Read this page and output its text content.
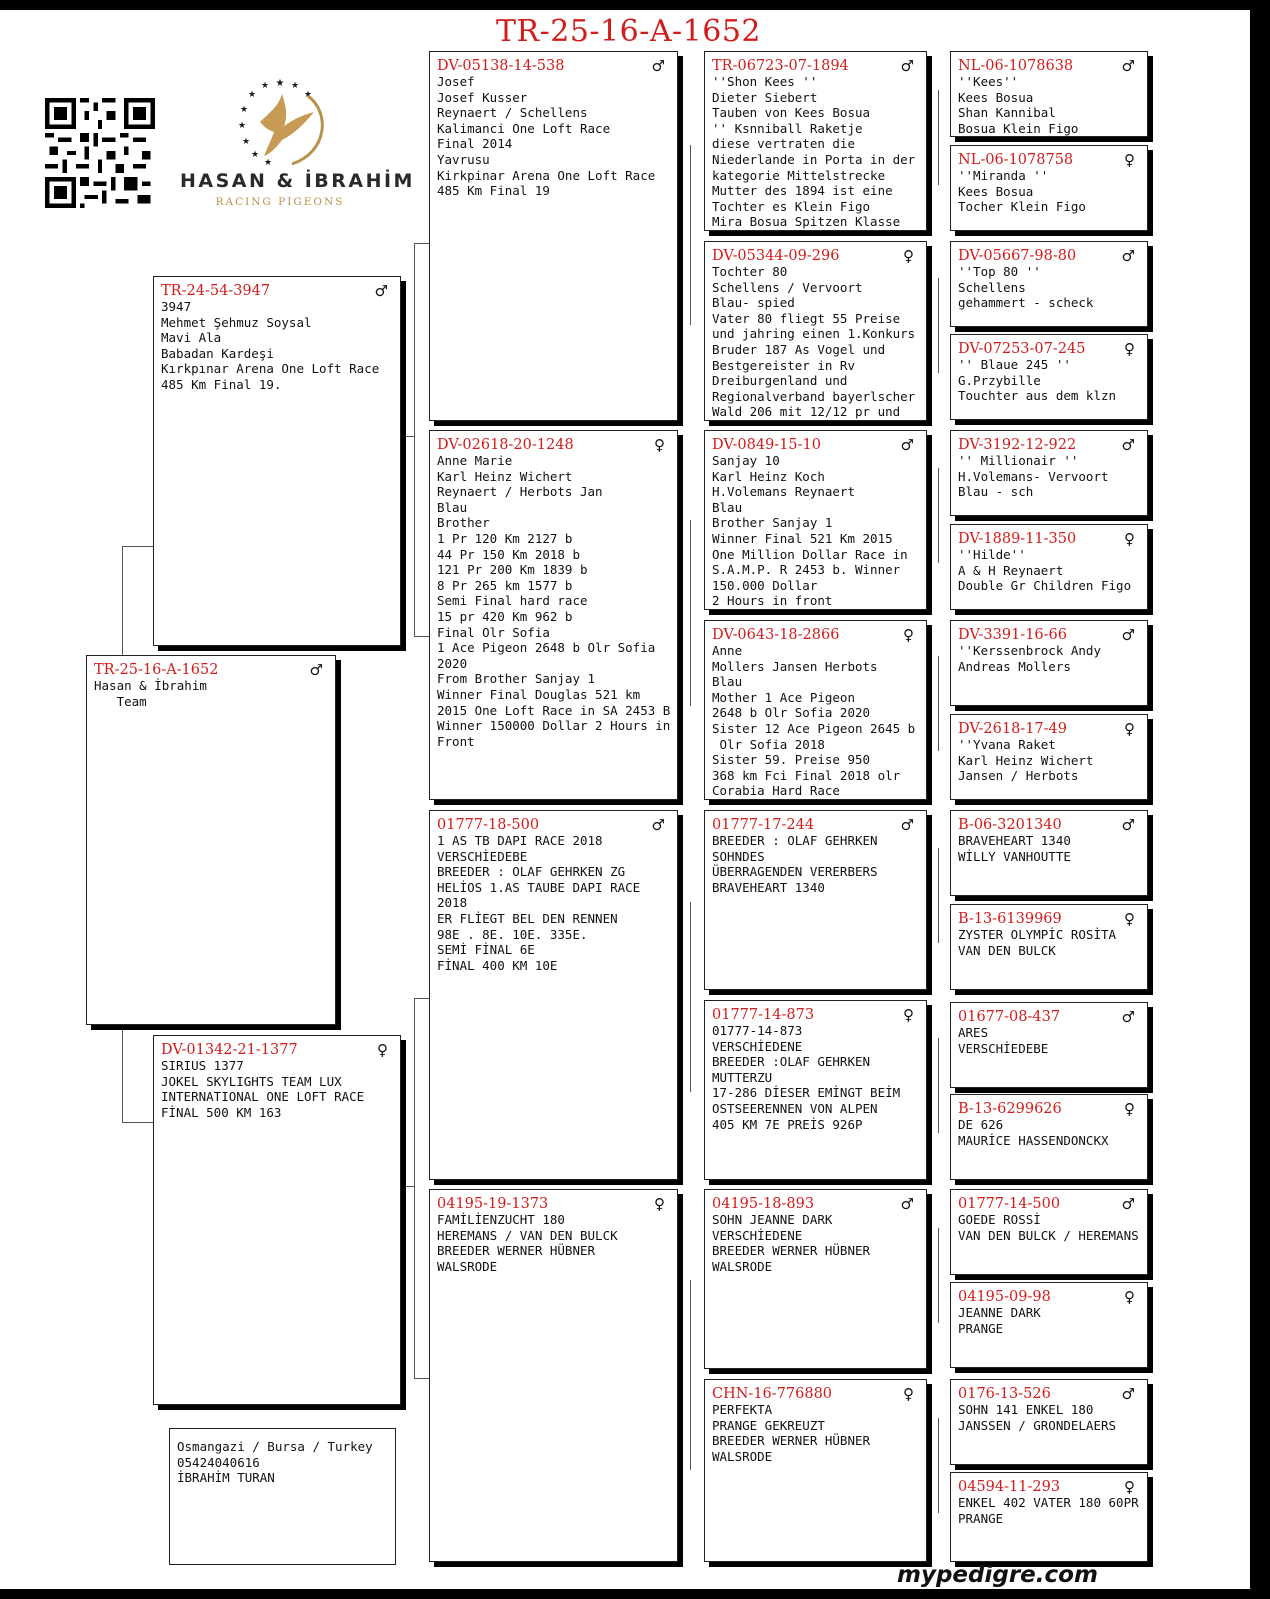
TR-25-16-A-1652
★
★ ★
★	★
★
★
★
★
★
HASAN & İBRAHİM
RACING PIGEONS
TR-25-16-A-1652	♂
Hasan & İbrahim
Team
TR-24-54-3947	♂
3947
Mehmet Şehmuz Soysal
Mavi Ala
Babadan Kardeşi
Kırkpınar Arena One Loft Race
485 Km Final 19.
DV-01342-21-1377	♀
SIRIUS 1377
JOKEL SKYLIGHTS TEAM LUX
INTERNATIONAL ONE LOFT RACE
FİNAL 500 KM 163
DV-05138-14-538	♂
Josef
Josef Kusser
Reynaert / Schellens
Kalimanci One Loft Race
Final 2014
Yavrusu
Kirkpinar Arena One Loft Race
485 Km Final 19
DV-02618-20-1248	♀
Anne Marie
Karl Heinz Wichert
Reynaert / Herbots Jan
Blau
Brother
1 Pr 120 Km 2127 b
44 Pr 150 Km 2018 b
121 Pr 200 Km 1839 b
8 Pr 265 km 1577 b
Semi Final hard race
15 pr 420 Km 962 b
Final Olr Sofia
1 Ace Pigeon 2648 b Olr Sofia
2020
From Brother Sanjay 1
Winner Final Douglas 521 km
2015 One Loft Race in SA 2453 B
Winner 150000 Dollar 2 Hours in
Front
01777-18-500	♂
1 AS TB DAPI RACE 2018
VERSCHİEDEBE
BREEDER : OLAF GEHRKEN ZG
HELİOS 1.AS TAUBE DAPI RACE
2018
ER FLİEGT BEL DEN RENNEN
98E . 8E. 10E. 335E.
SEMİ FİNAL 6E
FİNAL 400 KM 10E
04195-19-1373	♀
FAMİLİENZUCHT 180
HEREMANS / VAN DEN BULCK
BREEDER WERNER HÜBNER
WALSRODE
TR-06723-07-1894	♂
''Shon Kees ''
Dieter Siebert
Tauben von Kees Bosua
'' Ksnniball Raketje
diese vertraten die
Niederlande in Porta in der
kategorie Mittelstrecke
Mutter des 1894 ist eine
Tochter es Klein Figo
Mira Bosua Spitzen Klasse
DV-05344-09-296	♀
Tochter 80
Schellens / Vervoort
Blau- spied
Vater 80 fliegt 55 Preise
und jahring einen 1.Konkurs
Bruder 187 As Vogel und
Bestgereister in Rv
Dreiburgenland und
Regionalverband bayerlscher
Wald 206 mit 12/12 pr und
DV-0849-15-10	♂
Sanjay 10
Karl Heinz Koch
H.Volemans Reynaert
Blau
Brother Sanjay 1
Winner Final 521 Km 2015
One Million Dollar Race in
S.A.M.P. R 2453 b. Winner
150.000 Dollar
2 Hours in front
DV-0643-18-2866	♀
Anne
Mollers Jansen Herbots
Blau
Mother 1 Ace Pigeon
2648 b Olr Sofia 2020
Sister 12 Ace Pigeon 2645 b
Olr Sofia 2018
Sister 59. Preise 950
368 km Fci Final 2018 olr
Corabia Hard Race
01777-17-244	♂
BREEDER : OLAF GEHRKEN
SOHNDES
ÜBERRAGENDEN VERERBERS
BRAVEHEART 1340
01777-14-873	♀
01777-14-873
VERSCHİEDENE
BREEDER :OLAF GEHRKEN
MUTTERZU
17-286 DİESER EMİNGT BEİM
OSTSEERENNEN VON ALPEN
405 KM 7E PREİS 926P
04195-18-893	♂
SOHN JEANNE DARK
VERSCHİEDENE
BREEDER WERNER HÜBNER
WALSRODE
CHN-16-776880	♀
PERFEKTA
PRANGE GEKREUZT
BREEDER WERNER HÜBNER
WALSRODE
NL-06-1078638	♂
''Kees''
Kees Bosua
Shan Kannibal
Bosua Klein Figo
NL-06-1078758	♀
''Miranda ''
Kees Bosua
Tocher Klein Figo
DV-05667-98-80	♂
''Top 80 ''
Schellens
gehammert - scheck
DV-07253-07-245	♀
'' Blaue 245 ''
G.Przybille
Touchter aus dem klzn
DV-3192-12-922	♂
'' Millionair ''
H.Volemans- Vervoort
Blau - sch
DV-1889-11-350	♀
''Hilde''
A & H Reynaert
Double Gr Children Figo
DV-3391-16-66	♂
''Kerssenbrock Andy
Andreas Mollers
DV-2618-17-49	♀
''Yvana Raket
Karl Heinz Wichert
Jansen / Herbots
B-06-3201340	♂
BRAVEHEART 1340
WİLLY VANHOUTTE
B-13-6139969	♀
ZYSTER OLYMPİC ROSİTA
VAN DEN BULCK
01677-08-437	♂
ARES
VERSCHİEDEBE
B-13-6299626	♀
DE 626
MAURİCE HASSENDONCKX
01777-14-500	♂
GOEDE ROSSİ
VAN DEN BULCK / HEREMANS
04195-09-98	♀
JEANNE DARK
PRANGE
0176-13-526	♂
SOHN 141 ENKEL 180
JANSSEN / GRONDELAERS
04594-11-293	♀
ENKEL 402 VATER 180 60PR
PRANGE
Osmangazi / Bursa / Turkey
05424040616
İBRAHİM TURAN
mypedigre.com
